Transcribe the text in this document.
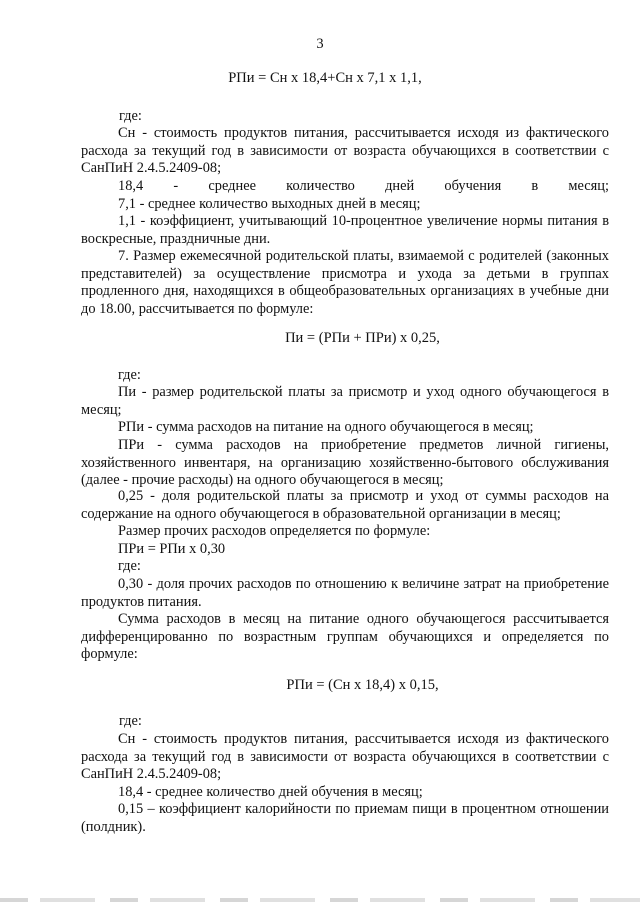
3
РПи = Сн х 18,4+Сн х 7,1 х 1,1,
где:

Сн - стоимость продуктов питания, рассчитывается исходя из фактического расхода за текущий год в зависимости от возраста обучающихся в соответствии с СанПиН 2.4.5.2409-08;

18,4 - среднее количество дней обучения в месяц;

7,1 - среднее количество выходных дней в месяц;

1,1 - коэффициент, учитывающий 10-процентное увеличение нормы питания в воскресные, праздничные дни.

7. Размер ежемесячной родительской платы, взимаемой с родителей (законных представителей) за осуществление присмотра и ухода за детьми в группах продленного дня, находящихся в общеобразовательных организациях в учебные дни до 18.00, рассчитывается по формуле:

Пи = (РПи + ПРи) х 0,25,
где:

Пи - размер родительской платы за присмотр и уход одного обучающегося в месяц;

РПи - сумма расходов на питание на одного обучающегося в месяц;

ПРи - сумма расходов на приобретение предметов личной гигиены, хозяйственного инвентаря, на организацию хозяйственно-бытового обслуживания (далее - прочие расходы) на одного обучающегося в месяц;

0,25 - доля родительской платы за присмотр и уход от суммы расходов на содержание на одного обучающегося в образовательной организации в месяц;

Размер прочих расходов определяется по формуле:
ПРи = РПи х 0,30
где:

0,30 - доля прочих расходов по отношению к величине затрат на приобретение продуктов питания.

Сумма расходов в месяц на питание одного обучающегося рассчитывается дифференцированно по возрастным группам обучающихся и определяется по формуле:

РПи = (Сн х 18,4) х 0,15,
где:

Сн - стоимость продуктов питания, рассчитывается исходя из фактического расхода за текущий год в зависимости от возраста обучающихся в соответствии с СанПиН 2.4.5.2409-08;

18,4 - среднее количество дней обучения в месяц;

0,15 – коэффициент калорийности по приемам пищи в процентном отношении (полдник).
